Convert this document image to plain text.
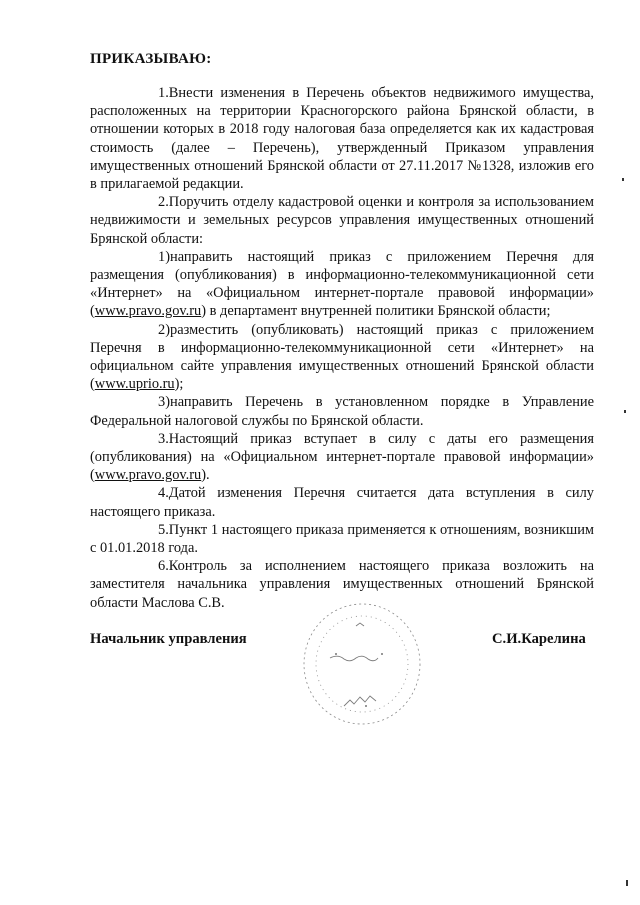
ПРИКАЗЫВАЮ:

1.Внести изменения в Перечень объектов недвижимого имущества, расположенных на территории Красногорского района Брянской области, в отношении которых в 2018 году налоговая база определяется как их кадастровая стоимость (далее – Перечень), утвержденный Приказом управления имущественных отношений Брянской области от 27.11.2017 №1328, изложив его в прилагаемой редакции.

2.Поручить отделу кадастровой оценки и контроля за использованием недвижимости и земельных ресурсов управления имущественных отношений Брянской области:

1)направить настоящий приказ с приложением Перечня для размещения (опубликования) в информационно-телекоммуникационной сети «Интернет» на «Официальном интернет-портале правовой информации» (www.pravo.gov.ru) в департамент внутренней политики Брянской области;

2)разместить (опубликовать) настоящий приказ с приложением Перечня в информационно-телекоммуникационной сети «Интернет» на официальном сайте управления имущественных отношений Брянской области (www.uprio.ru);

3)направить Перечень в установленном порядке в Управление Федеральной налоговой службы по Брянской области.

3.Настоящий приказ вступает в силу с даты его размещения (опубликования) на «Официальном интернет-портале правовой информации» (www.pravo.gov.ru).

4.Датой изменения Перечня считается дата вступления в силу настоящего приказа.

5.Пункт 1 настоящего приказа применяется к отношениям, возникшим с 01.01.2018 года.

6.Контроль за исполнением настоящего приказа возложить на заместителя начальника управления имущественных отношений Брянской области Маслова С.В.

Начальник управления	С.И.Карелина
